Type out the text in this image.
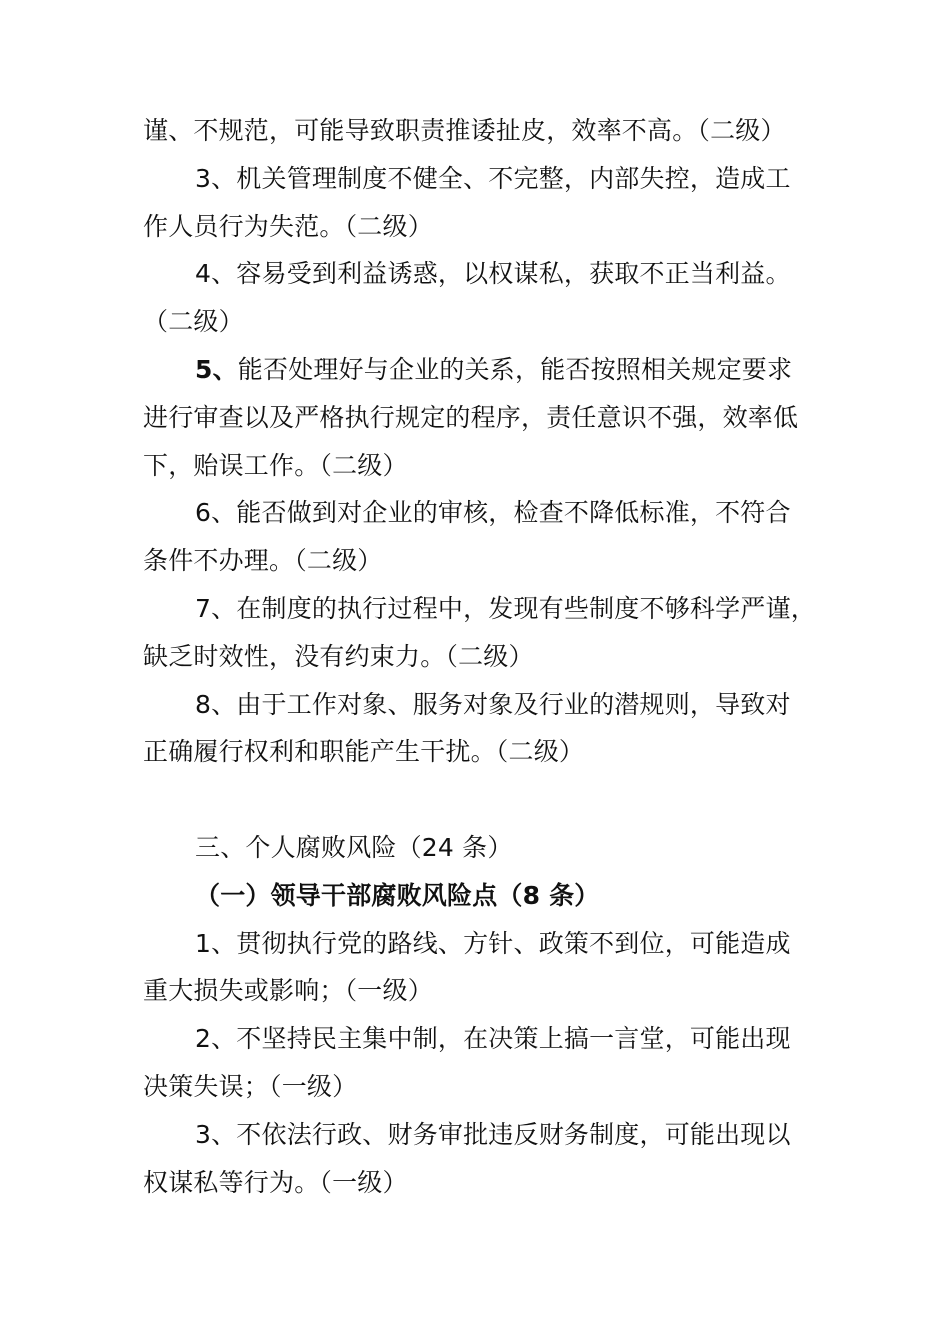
谨、不规范，可能导致职责推诿扯皮，效率不高。（二级）
3、机关管理制度不健全、不完整，内部失控，造成工
作人员行为失范。（二级）
4、容易受到利益诱惑，以权谋私，获取不正当利益。
（二级）
5、能否处理好与企业的关系，能否按照相关规定要求
进行审查以及严格执行规定的程序，责任意识不强，效率低
下，贻误工作。（二级）
6、能否做到对企业的审核，检查不降低标准，不符合
条件不办理。（二级）
7、在制度的执行过程中，发现有些制度不够科学严谨，
缺乏时效性，没有约束力。（二级）
8、由于工作对象、服务对象及行业的潜规则，导致对
正确履行权利和职能产生干扰。（二级）
三、个人腐败风险（24 条）
（一）领导干部腐败风险点（8 条）
1、贯彻执行党的路线、方针、政策不到位，可能造成
重大损失或影响；（一级）
2、不坚持民主集中制，在决策上搞一言堂，可能出现
决策失误；（一级）
3、不依法行政、财务审批违反财务制度，可能出现以
权谋私等行为。（一级）
